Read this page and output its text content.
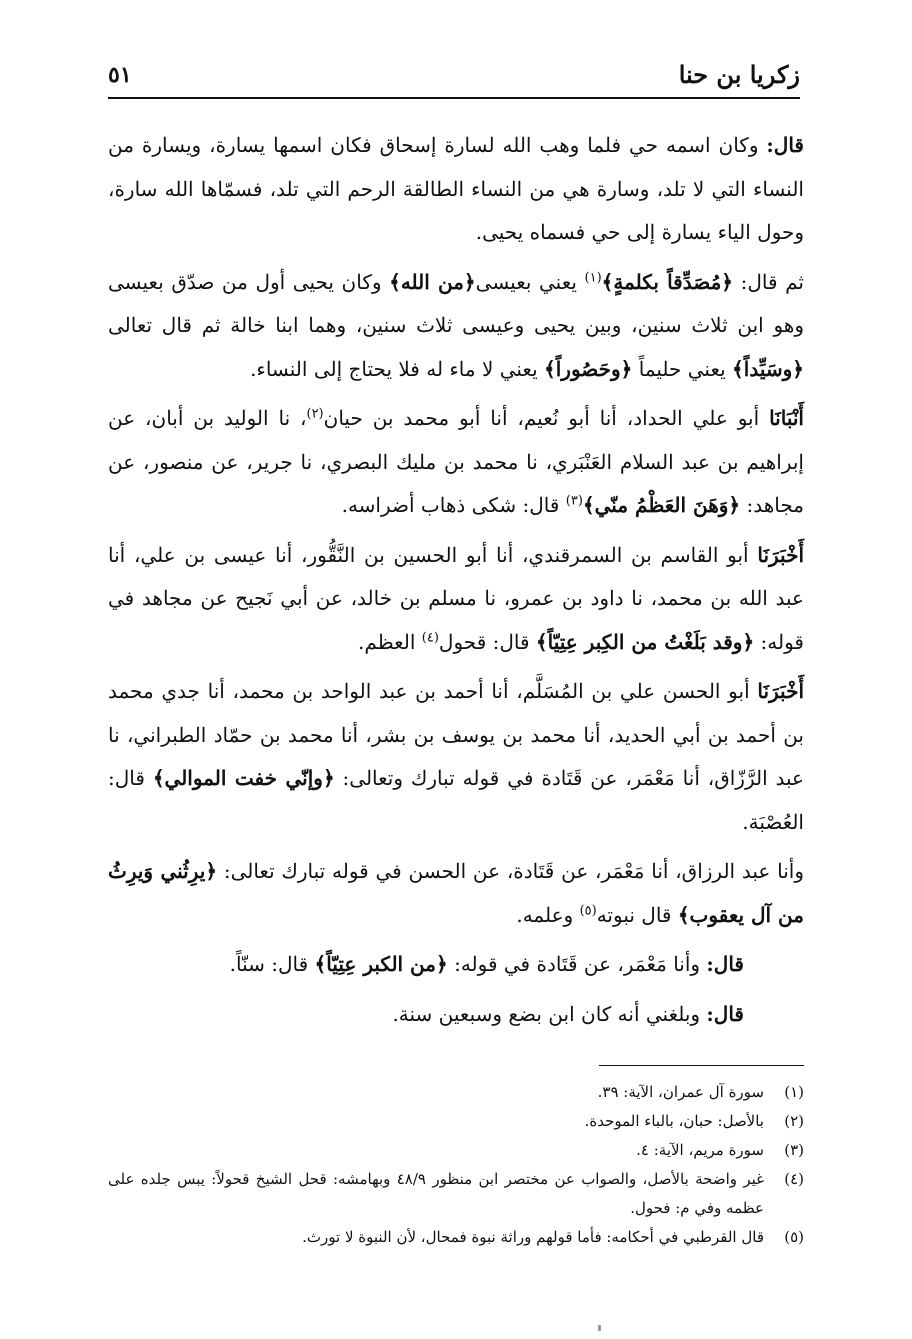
زكريا بن حنا
٥١

قال: وكان اسمه حي فلما وهب الله لسارة إسحاق فكان اسمها يسارة، ويسارة من النساء التي لا تلد، وسارة هي من النساء الطالقة الرحم التي تلد، فسمّاها الله سارة، وحول الياء يسارة إلى حي فسماه يحيى.

ثم قال: ﴿مُصَدِّقاً بكلمةٍ﴾$^{(١)}$ يعني بعيسى﴿من الله﴾ وكان يحيى أول من صدّق بعيسى وهو ابن ثلاث سنين، وبين يحيى وعيسى ثلاث سنين، وهما ابنا خالة ثم قال تعالى ﴿وسَيِّداً﴾ يعني حليماً ﴿وحَصُوراً﴾ يعني لا ماء له فلا يحتاج إلى النساء.

أَنْبَانَا أبو علي الحداد، أنا أبو نُعيم، أنا أبو محمد بن حيان$^{(٢)}$، نا الوليد بن أبان، عن إبراهيم بن عبد السلام العَنْبَري، نا محمد بن مليك البصري، نا جرير، عن منصور، عن مجاهد: ﴿وَهَنَ العَظْمُ منّي﴾$^{(٣)}$ قال: شكى ذهاب أضراسه.

أَخْبَرَنَا أبو القاسم بن السمرقندي، أنا أبو الحسين بن النَّقُّور، أنا عيسى بن علي، أنا عبد الله بن محمد، نا داود بن عمرو، نا مسلم بن خالد، عن أبي نَجيح عن مجاهد في قوله: ﴿وقد بَلَغْتُ من الكِبر عِتِيّاً﴾ قال: قحول$^{(٤)}$ العظم.

أَخْبَرَنَا أبو الحسن علي بن المُسَلَّم، أنا أحمد بن عبد الواحد بن محمد، أنا جدي محمد بن أحمد بن أبي الحديد، أنا محمد بن يوسف بن بشر، أنا محمد بن حمّاد الطبراني، نا عبد الرَّزّاق، أنا مَعْمَر، عن قَتَادة في قوله تبارك وتعالى: ﴿وإنّي خفت الموالي﴾ قال: العُصْبَة.

وأنا عبد الرزاق، أنا مَعْمَر، عن قَتَادة، عن الحسن في قوله تبارك تعالى: ﴿يرِثُني وَيرِثُ من آل يعقوب﴾ قال نبوته$^{(٥)}$ وعلمه.

قال: وأنا مَعْمَر، عن قَتَادة في قوله: ﴿من الكبر عِتِيّاً﴾ قال: سنّاً.

قال: وبلغني أنه كان ابن بضع وسبعين سنة.

(١)
سورة آل عمران، الآية: ٣٩.
(٢)
بالأصل: حبان، بالباء الموحدة.
(٣)
سورة مريم، الآية: ٤.
(٤)
غير واضحة بالأصل، والصواب عن مختصر ابن منظور ٤٨/٩ وبهامشه: قحل الشيخ قحولاً: يبس جلده على عظمه وفي م: فحول.
(٥)
قال القرطبي في أحكامه: فأما قولهم وراثة نبوة فمحال، لأن النبوة لا تورث.
